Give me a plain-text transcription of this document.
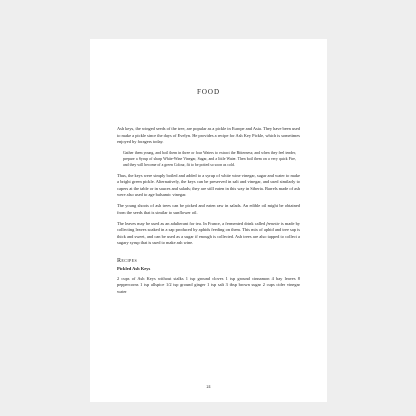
FOOD

Ash keys, the winged seeds of the tree, are popular as a pickle in Europe and Asia. They have been used to make a pickle since the days of Evelyn. He provides a recipe for Ash Key Pickle, which is sometimes enjoyed by foragers today.

Gather them young, and boil them in three or four Waters to extract the Bitterness; and when they feel tender, prepare a Syrup of sharp White-Wine Vinegar, Sugar, and a little Water. Then boil them on a very quick Fire, and they will become of a green Colour, fit to be potted so soon as cold.

Thus, the keys were simply boiled and added to a syrup of white wine vinegar, sugar and water to make a bright green pickle. Alternatively, the keys can be preserved in salt and vinegar, and used similarly to capers at the table or in sauces and salads; they are still eaten in this way in Siberia. Barrels made of ash were also used to age balsamic vinegar.

The young shoots of ash trees can be picked and eaten raw in salads. An edible oil might be obtained from the seeds that is similar to sunflower oil.

The leaves may be used as an adulterant for tea. In France, a fermented drink called frenette is made by collecting leaves soaked in a sap produced by aphids feeding on them. This mix of aphid and tree sap is thick and sweet, and can be used as a sugar if enough is collected. Ash trees are also tapped to collect a sugary syrup that is used to make ash wine.

Recipes
Pickled Ash Keys

2 cups of Ash Keys without stalks 1 tsp ground cloves 1 tsp ground cinnamon 4 bay leaves 8 peppercorns 1 tsp allspice 1/2 tsp ground ginger 1 tsp salt 3 tbsp brown sugar 2 cups cider vinegar water

24
